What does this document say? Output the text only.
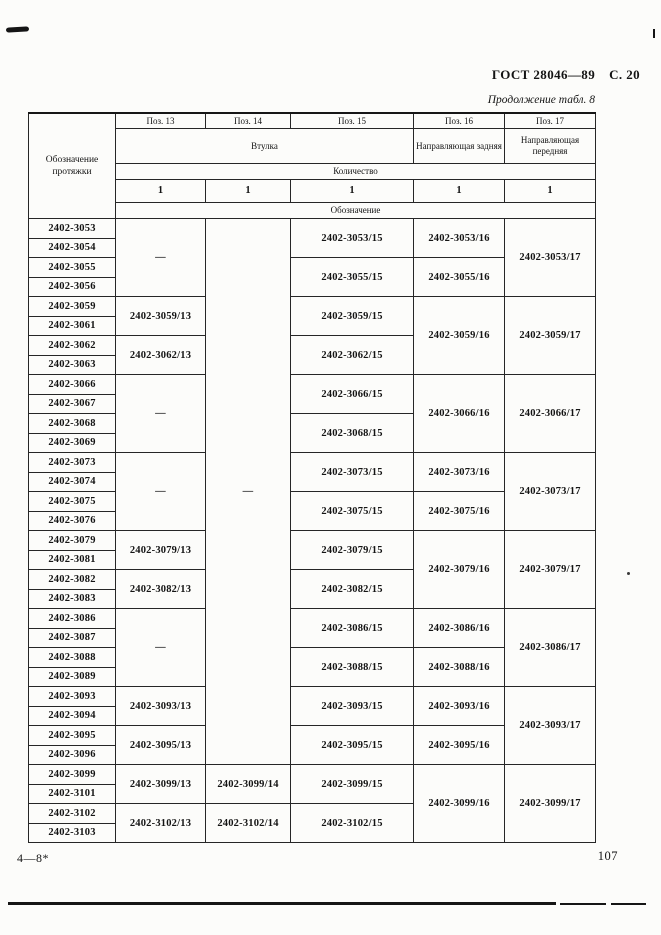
ГОСТ 28046—89 С. 20
Продолжение табл. 8
Обозначение протяжки	Поз. 13	Поз. 14	Поз. 15	Поз. 16	Поз. 17
	Втулка			Направляющая задняя	Направляющая передняя
	Количество				
	1	1	1	1	1
	Обозначение				
2402-3053	—	—	2402-3053/15	2402-3053/16	2402-3053/17
2402-3054					
2402-3055			2402-3055/15	2402-3055/16	
2402-3056					
2402-3059	2402-3059/13		2402-3059/15	2402-3059/16	2402-3059/17
2402-3061					
2402-3062	2402-3062/13		2402-3062/15		
2402-3063					
2402-3066	—		2402-3066/15	2402-3066/16	2402-3066/17
2402-3067					
2402-3068			2402-3068/15		
2402-3069					
2402-3073	—		2402-3073/15	2402-3073/16	2402-3073/17
2402-3074					
2402-3075			2402-3075/15	2402-3075/16	
2402-3076					
2402-3079	2402-3079/13		2402-3079/15	2402-3079/16	2402-3079/17
2402-3081					
2402-3082	2402-3082/13		2402-3082/15		
2402-3083					
2402-3086	—		2402-3086/15	2402-3086/16	2402-3086/17
2402-3087					
2402-3088			2402-3088/15	2402-3088/16	
2402-3089					
2402-3093	2402-3093/13		2402-3093/15	2402-3093/16	2402-3093/17
2402-3094					
2402-3095	2402-3095/13		2402-3095/15	2402-3095/16	
2402-3096					
2402-3099	2402-3099/13	2402-3099/14	2402-3099/15	2402-3099/16	2402-3099/17
2402-3101					
2402-3102	2402-3102/13	2402-3102/14	2402-3102/15		
2402-3103					
4—8*	107
